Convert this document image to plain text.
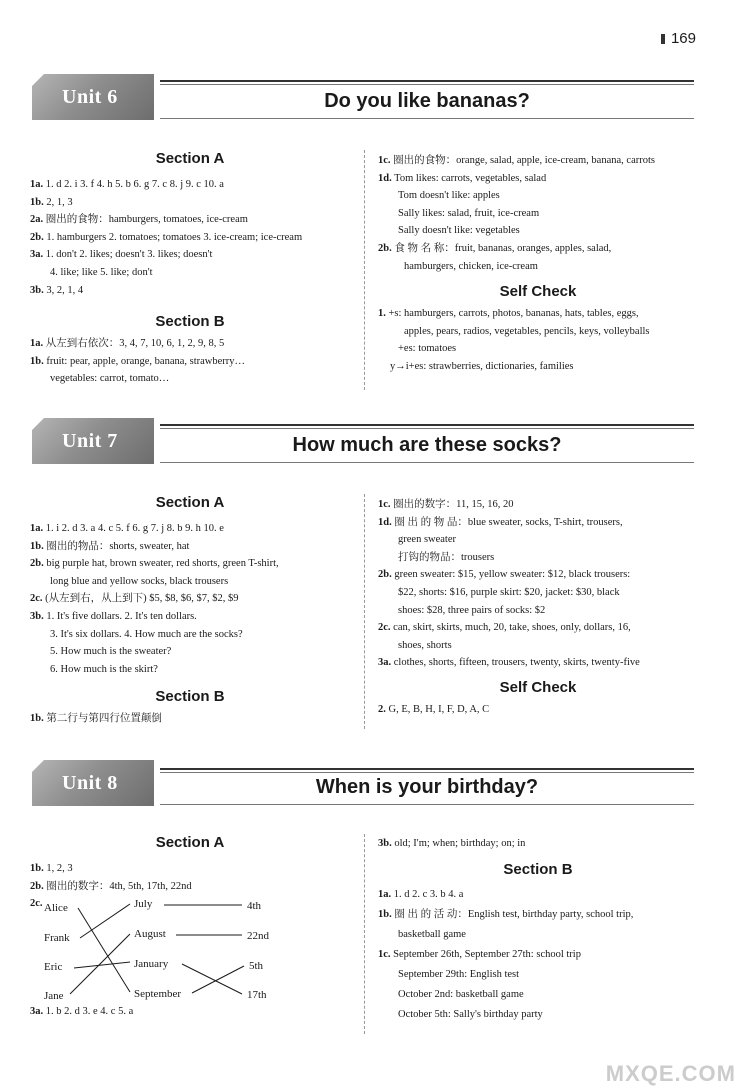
169
Unit 6	Do you like bananas?
Section A
1a. 1. d 2. i 3. f 4. h 5. b 6. g 7. c 8. j 9. c 10. a
1b. 2, 1, 3
2a. 圈出的食物：hamburgers, tomatoes, ice-cream
2b. 1. hamburgers 2. tomatoes; tomatoes 3. ice-cream; ice-cream
3a. 1. don't 2. likes; doesn't 3. likes; doesn't
4. like; like 5. like; don't
3b. 3, 2, 1, 4
Section B
1a. 从左到右依次：3, 4, 7, 10, 6, 1, 2, 9, 8, 5
1b. fruit: pear, apple, orange, banana, strawberry…
vegetables: carrot, tomato…
1c. 圈出的食物：orange, salad, apple, ice-cream, banana, carrots
1d. Tom likes: carrots, vegetables, salad
Tom doesn't like: apples
Sally likes: salad, fruit, ice-cream
Sally doesn't like: vegetables
2b. 食 物 名 称：fruit, bananas, oranges, apples, salad,
hamburgers, chicken, ice-cream
Self Check
1. +s: hamburgers, carrots, photos, bananas, hats, tables, eggs,
apples, pears, radios, vegetables, pencils, keys, volleyballs
+es: tomatoes
y→i+es: strawberries, dictionaries, families
Unit 7	How much are these socks?
Section A
1a. 1. i 2. d 3. a 4. c 5. f 6. g 7. j 8. b 9. h 10. e
1b. 圈出的物品：shorts, sweater, hat
2b. big purple hat, brown sweater, red shorts, green T-shirt,
long blue and yellow socks, black trousers
2c. (从左到右，从上到下) $5, $8, $6, $7, $2, $9
3b. 1. It's five dollars. 2. It's ten dollars.
3. It's six dollars. 4. How much are the socks?
5. How much is the sweater?
6. How much is the skirt?
Section B
1b. 第二行与第四行位置颠倒
1c. 圈出的数字：11, 15, 16, 20
1d. 圈 出 的 物 品：blue sweater, socks, T-shirt, trousers,
green sweater
打钩的物品：trousers
2b. green sweater: $15, yellow sweater: $12, black trousers:
$22, shorts: $16, purple skirt: $20, jacket: $30, black
shoes: $28, three pairs of socks: $2
2c. can, skirt, skirts, much, 20, take, shoes, only, dollars, 16,
shoes, shorts
3a. clothes, shorts, fifteen, trousers, twenty, skirts, twenty-five
Self Check
2. G, E, B, H, I, F, D, A, C
Unit 8	When is your birthday?
Section A
1b. 1, 2, 3
2b. 圈出的数字：4th, 5th, 17th, 22nd
2c. Alice
Frank
Eric
Jane
July
August
January
September
4th
22nd
5th
17th
3a. 1. b 2. d 3. e 4. c 5. a
3b. old; I'm; when; birthday; on; in
Section B
1a. 1. d 2. c 3. b 4. a
1b. 圈 出 的 活 动：English test, birthday party, school trip,
basketball game
1c. September 26th, September 27th: school trip
September 29th: English test
October 2nd: basketball game
October 5th: Sally's birthday party
MXQE.COM
